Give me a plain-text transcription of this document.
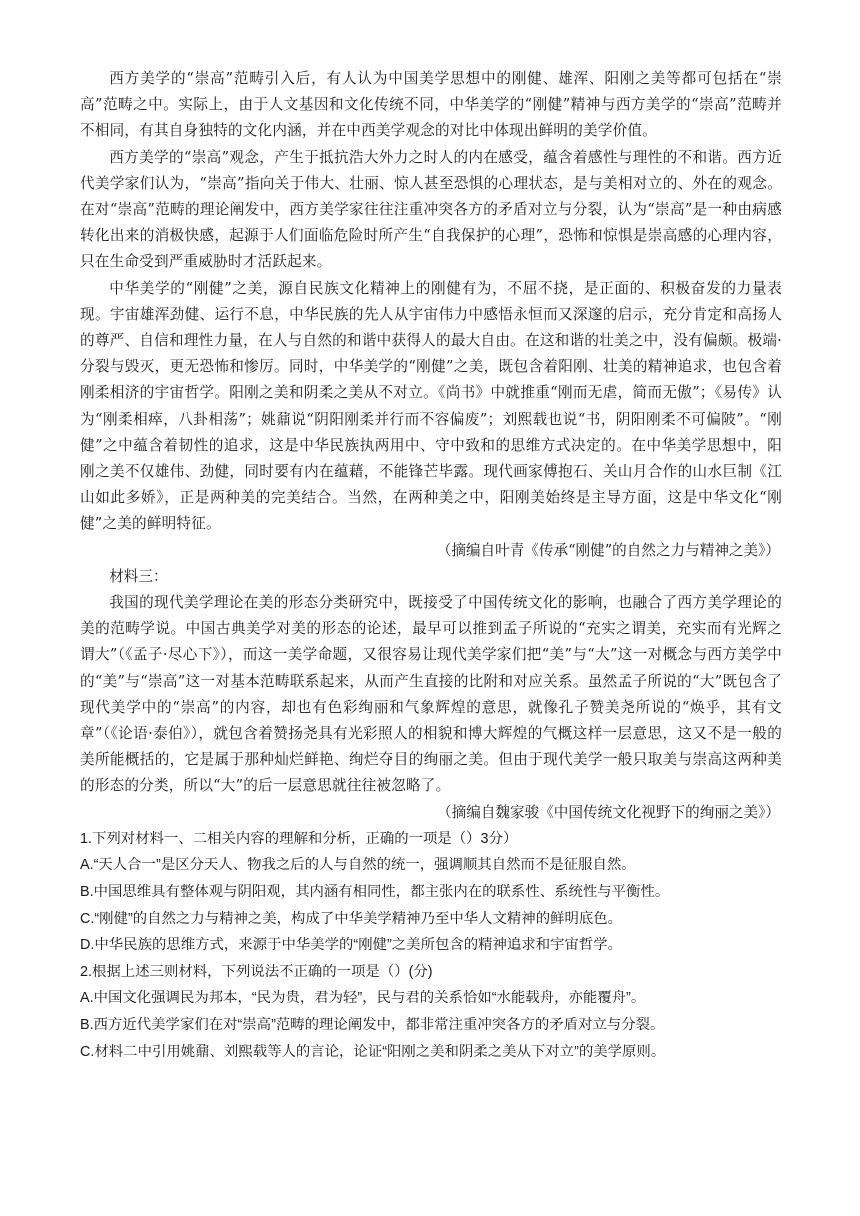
西方美学的“崇高”范畴引入后，有人认为中国美学思想中的刚健、雄浑、阳刚之美等都可包括在“崇高”范畴之中。实际上，由于人文基因和文化传统不同，中华美学的“刚健”精神与西方美学的“崇高”范畴并不相同，有其自身独特的文化内涵，并在中西美学观念的对比中体现出鲜明的美学价值。

西方美学的“崇高”观念，产生于抵抗浩大外力之时人的内在感受，蕴含着感性与理性的不和谐。西方近代美学家们认为，“崇高”指向关于伟大、壮丽、惊人甚至恐惧的心理状态，是与美相对立的、外在的观念。在对“崇高”范畴的理论阐发中，西方美学家往往注重冲突各方的矛盾对立与分裂，认为“崇高”是一种由病感转化出来的消极快感，起源于人们面临危险时所产生“自我保护的心理”，恐怖和惊惧是崇高感的心理内容，只在生命受到严重威胁时才活跃起来。

中华美学的“刚健”之美，源自民族文化精神上的刚健有为，不屈不挠，是正面的、积极奋发的力量表现。宇宙雄浑劲健、运行不息，中华民族的先人从宇宙伟力中感悟永恒而又深邃的启示，充分肯定和高扬人的尊严、自信和理性力量，在人与自然的和谐中获得人的最大自由。在这和谐的壮美之中，没有偏颇。极端·分裂与毁灭，更无恐怖和惨厉。同时，中华美学的“刚健”之美，既包含着阳刚、壮美的精神追求，也包含着刚柔相济的宇宙哲学。阳刚之美和阴柔之美从不对立。《尚书》中就推重“刚而无虐，简而无傲”；《易传》认为“刚柔相瘁，八卦相荡”；姚鼐说“阴阳刚柔并行而不容偏废”；刘熙载也说“书，阴阳刚柔不可偏陂”。“刚健”之中蕴含着韧性的追求，这是中华民族执两用中、守中致和的思维方式决定的。在中华美学思想中，阳刚之美不仅雄伟、劲健，同时要有内在蕴藉，不能锋芒毕露。现代画家傅抱石、关山月合作的山水巨制《江山如此多娇》，正是两种美的完美结合。当然，在两种美之中，阳刚美始终是主导方面，这是中华文化“刚健”之美的鲜明特征。

（摘编自叶青《传承“刚健”的自然之力与精神之美》）

材料三：

我国的现代美学理论在美的形态分类研究中，既接受了中国传统文化的影响，也融合了西方美学理论的美的范畴学说。中国古典美学对美的形态的论述，最早可以推到孟子所说的“充实之谓美，充实而有光辉之谓大”（《孟子·尽心下》），而这一美学命题，又很容易让现代美学家们把“美”与“大”这一对概念与西方美学中的“美”与“崇高”这一对基本范畴联系起来，从而产生直接的比附和对应关系。虽然孟子所说的“大”既包含了现代美学中的“崇高”的内容，却也有色彩绚丽和气象辉煌的意思，就像孔子赞美尧所说的“焕乎，其有文章”（《论语·泰伯》），就包含着赞扬尧具有光彩照人的相貌和博大辉煌的气概这样一层意思，这又不是一般的美所能概括的，它是属于那种灿烂鲜艳、绚烂夺目的绚丽之美。但由于现代美学一般只取美与崇高这两种美的形态的分类，所以“大”的后一层意思就往往被忽略了。

（摘编自魏家骏《中国传统文化视野下的绚丽之美》）

1.下列对材料一、二相关内容的理解和分析，正确的一项是（）3分）

A.“天人合一”是区分天人、物我之后的人与自然的统一，强调顺其自然而不是征服自然。

B.中国思维具有整体观与阴阳观，其内涵有相同性，都主张内在的联系性、系统性与平衡性。

C.“刚健”的自然之力与精神之美，构成了中华美学精神乃至中华人文精神的鲜明底色。

D.中华民族的思维方式，来源于中华美学的“刚健”之美所包含的精神追求和宇宙哲学。

2.根据上述三则材料，下列说法不正确的一项是（）(分)

A.中国文化强调民为邦本，“民为贵，君为轻”，民与君的关系恰如“水能载舟，亦能覆舟”。

B.西方近代美学家们在对“崇高”范畴的理论阐发中，都非常注重冲突各方的矛盾对立与分裂。

C.材料二中引用姚鼐、刘熙载等人的言论，论证“阳刚之美和阴柔之美从下对立”的美学原则。
